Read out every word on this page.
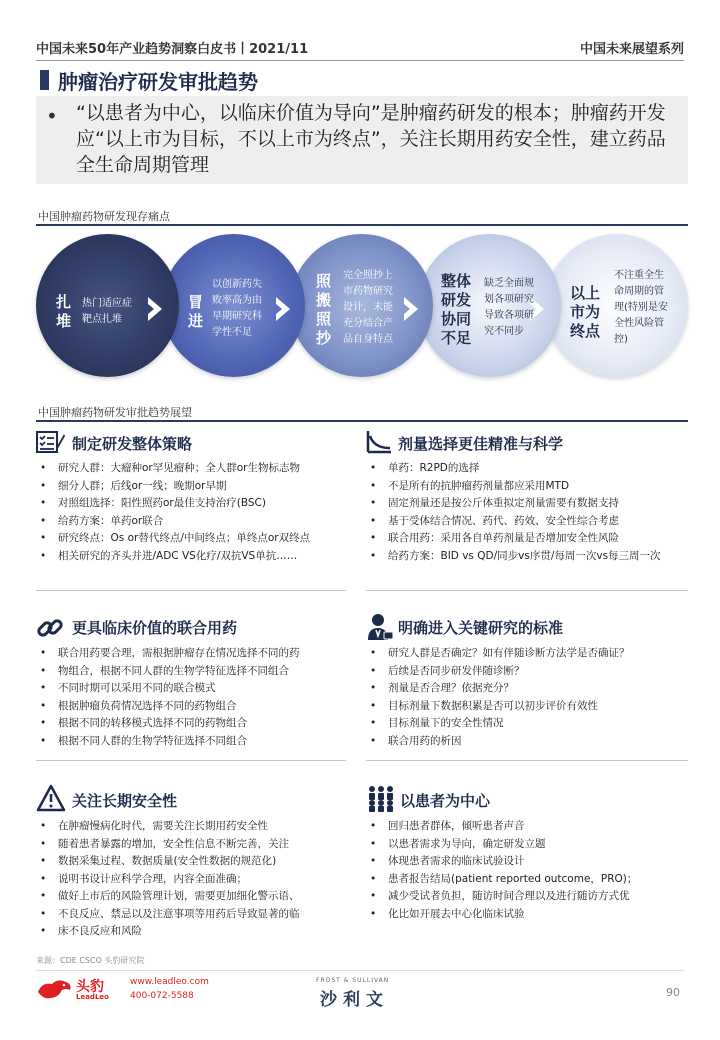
中国未来50年产业趋势洞察白皮书丨2021/11	中国未来展望系列
肿瘤治疗研发审批趋势
• “以患者为中心，以临床价值为导向”是肿瘤药研发的根本；肿瘤药开发应“以上市为目标，不以上市为终点”，关注长期用药安全性，建立药品全生命周期管理
中国肿瘤药物研发现存痛点
扎
堆
热门适应症
靶点扎堆
冒
进
以创新药失
败率高为由
早期研究科
学性不足
照
搬
照
抄
完全照抄上
市药物研究
设计，未能
充分结合产
品自身特点
整体
研发
协同
不足
缺乏全面规
划各项研究
导致各项研
究不同步
以上
市为
终点
不注重全生
命周期的管
理(特别是安
全性风险管
控)
中国肿瘤药物研发审批趋势展望
制定研发整体策略
• 研究人群：大瘤种or罕见瘤种；全人群or生物标志物
• 细分人群；后线or一线；晚期or早期
• 对照组选择：阳性照药or最佳支持治疗(BSC)
• 给药方案：单药or联合
• 研究终点：Os or替代终点/中间终点；单终点or双终点
• 相关研究的齐头并进/ADC VS化疗/双抗VS单抗……
剂量选择更佳精准与科学
• 单药：R2PD的选择
• 不是所有的抗肿瘤药剂量都应采用MTD
• 固定剂量还是按公斤体重拟定剂量需要有数据支持
• 基于受体结合情况、药代、药效、安全性综合考虑
• 联合用药：采用各自单药剂量是否增加安全性风险
• 给药方案：BID vs QD/同步vs序贯/每周一次vs每三周一次
更具临床价值的联合用药
• 联合用药要合理，需根据肿瘤存在情况选择不同的药
• 物组合，根据不同人群的生物学特征选择不同组合
• 不同时期可以采用不同的联合模式
• 根据肿瘤负荷情况选择不同的药物组合
• 根据不同的转移模式选择不同的药物组合
• 根据不同人群的生物学特征选择不同组合
明确进入关键研究的标准
• 研究人群是否确定？如有伴随诊断方法学是否确证？
• 后续是否同步研发伴随诊断？
• 剂量是否合理？依据充分？
• 目标剂量下数据积累是否可以初步评价有效性
• 目标剂量下的安全性情况
• 联合用药的析因
关注长期安全性
• 在肿瘤慢病化时代，需要关注长期用药安全性
• 随着患者暴露的增加，安全性信息不断完善，关注
• 数据采集过程、数据质量(安全性数据的规范化)
• 说明书设计应科学合理，内容全面准确；
• 做好上市后的风险管理计划，需要更加细化警示语、
• 不良反应、禁忌以及注意事项等用药后导致显著的临
• 床不良反应和风险
以患者为中心
• 回归患者群体，倾听患者声音
• 以患者需求为导向，确定研发立题
• 体现患者需求的临床试验设计
• 患者报告结局(patient reported outcome，PRO)；
• 减少受试者负担，随访时间合理以及进行随访方式优
• 化比如开展去中心化临床试验
来源：CDE CSCO 头豹研究院
头豹
LeadLeo
www.leadleo.com
400-072-5588
FROST & SULLIVAN
沙利文	90
